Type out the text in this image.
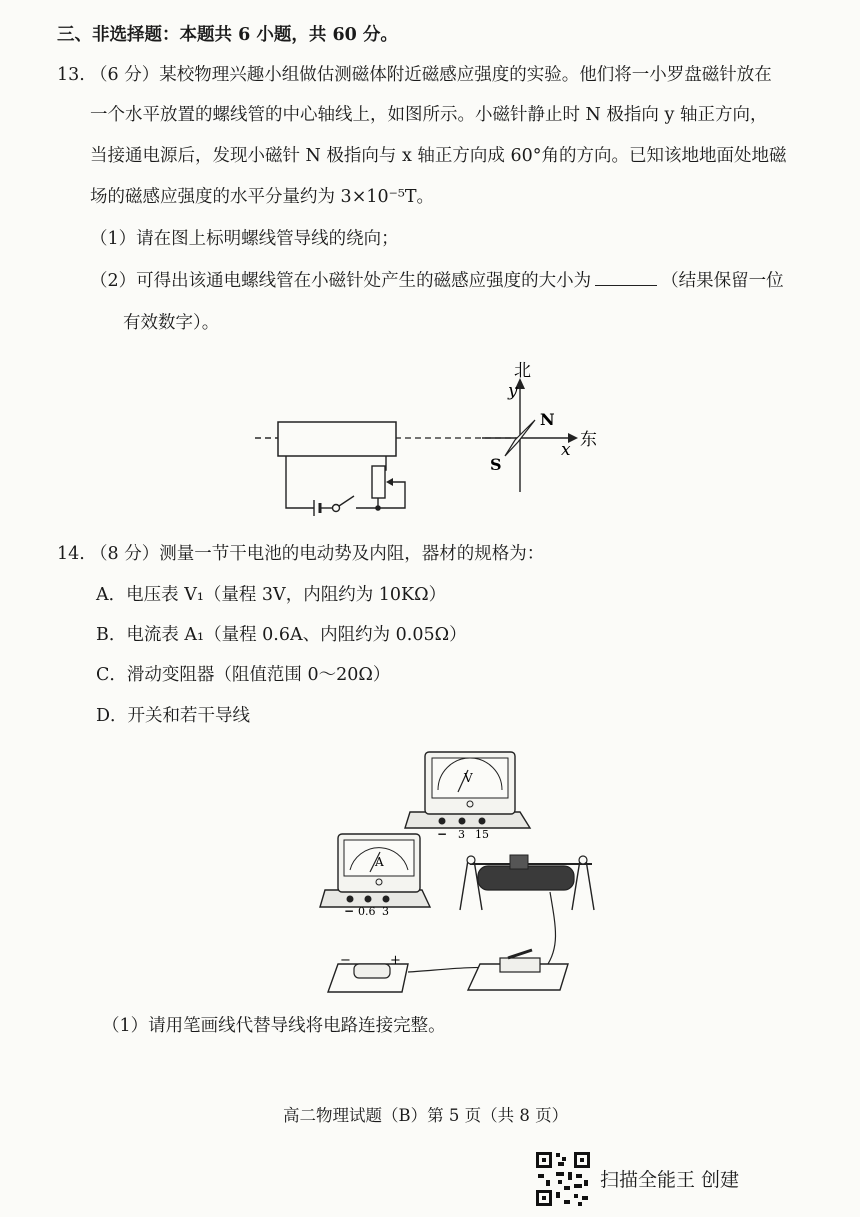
三、非选择题：本题共 6 小题，共 60 分。
13. （6 分）某校物理兴趣小组做估测磁体附近磁感应强度的实验。他们将一小罗盘磁针放在
一个水平放置的螺线管的中心轴线上，如图所示。小磁针静止时 N 极指向 y 轴正方向，
当接通电源后，发现小磁针 N 极指向与 x 轴正方向成 60°角的方向。已知该地地面处地磁
场的磁感应强度的水平分量约为 3×10⁻⁵T。
（1）请在图上标明螺线管导线的绕向；
（2）可得出该通电螺线管在小磁针处产生的磁感应强度的大小为	（结果保留一位
有效数字）。
y
北
x 东
N
S
14. （8 分）测量一节干电池的电动势及内阻，器材的规格为：
A．电压表 V₁（量程 3V，内阻约为 10KΩ）
B．电流表 A₁（量程 0.6A、内阻约为 0.05Ω）
C．滑动变阻器（阻值范围 0～20Ω）
D．开关和若干导线
V
− 3 15
A
− 0.6 3
−	+
（1）请用笔画线代替导线将电路连接完整。
高二物理试题（B）第 5 页（共 8 页）
扫描全能王 创建
